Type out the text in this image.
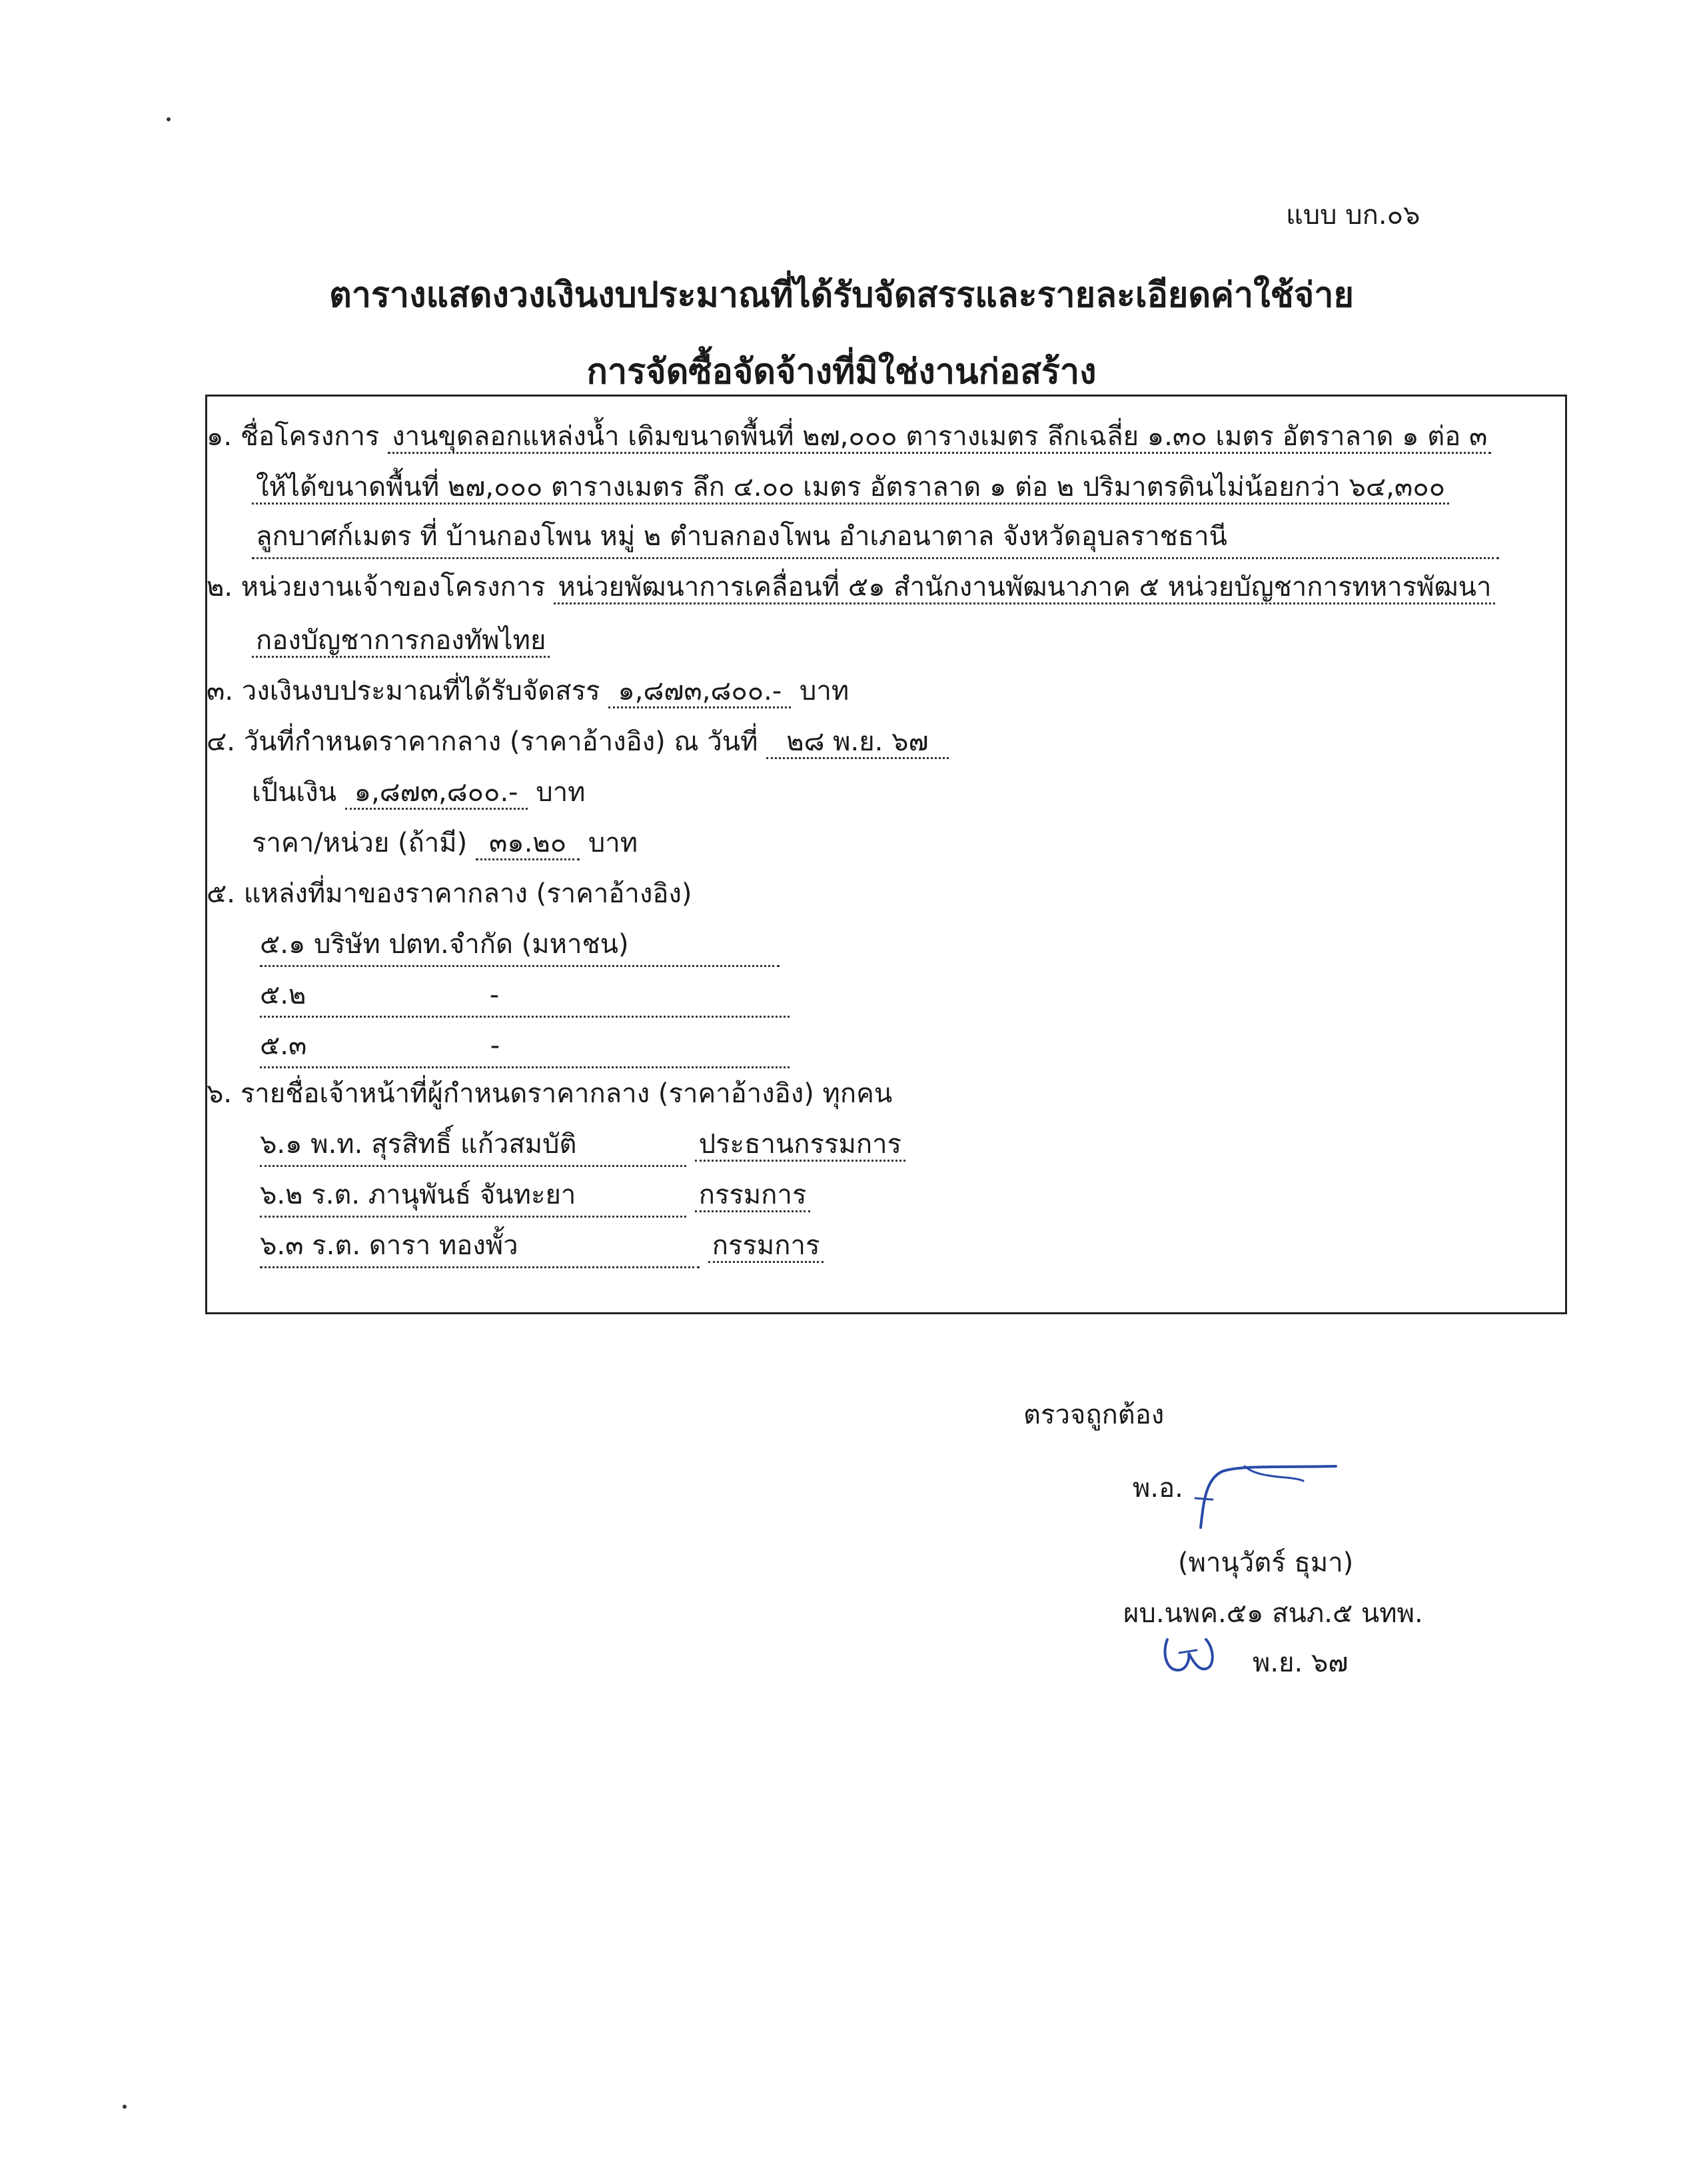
แบบ บก.๐๖
ตารางแสดงวงเงินงบประมาณที่ได้รับจัดสรรและรายละเอียดค่าใช้จ่าย
การจัดซื้อจัดจ้างที่มิใช่งานก่อสร้าง
๑. ชื่อโครงการ งานขุดลอกแหล่งน้ำ เดิมขนาดพื้นที่ ๒๗,๐๐๐ ตารางเมตร ลึกเฉลี่ย ๑.๓๐ เมตร อัตราลาด ๑ ต่อ ๓
ให้ได้ขนาดพื้นที่ ๒๗,๐๐๐ ตารางเมตร ลึก ๔.๐๐ เมตร อัตราลาด ๑ ต่อ ๒ ปริมาตรดินไม่น้อยกว่า ๖๔,๓๐๐
ลูกบาศก์เมตร ที่ บ้านกองโพน หมู่ ๒ ตำบลกองโพน อำเภอนาตาล จังหวัดอุบลราชธานี
๒. หน่วยงานเจ้าของโครงการ หน่วยพัฒนาการเคลื่อนที่ ๕๑ สำนักงานพัฒนาภาค ๕ หน่วยบัญชาการทหารพัฒนา
กองบัญชาการกองทัพไทย
๓. วงเงินงบประมาณที่ได้รับจัดสรร ๑,๘๗๓,๘๐๐.- บาท
๔. วันที่กำหนดราคากลาง (ราคาอ้างอิง) ณ วันที่ ๒๘ พ.ย. ๖๗
เป็นเงิน ๑,๘๗๓,๘๐๐.- บาท
ราคา/หน่วย (ถ้ามี) ๓๑.๒๐ บาท
๕. แหล่งที่มาของราคากลาง (ราคาอ้างอิง)
๕.๑ บริษัท ปตท.จำกัด (มหาชน)
๕.๒	-
๕.๓	-
๖. รายชื่อเจ้าหน้าที่ผู้กำหนดราคากลาง (ราคาอ้างอิง) ทุกคน
๖.๑ พ.ท. สุรสิทธิ์ แก้วสมบัติ	ประธานกรรมการ
๖.๒ ร.ต. ภานุพันธ์ จันทะยา	กรรมการ
๖.๓ ร.ต. ดารา ทองพั้ว	กรรมการ
ตรวจถูกต้อง
พ.อ.
(พานุวัตร์ ธุมา)
ผบ.นพค.๕๑ สนภ.๕ นทพ.
พ.ย. ๖๗
